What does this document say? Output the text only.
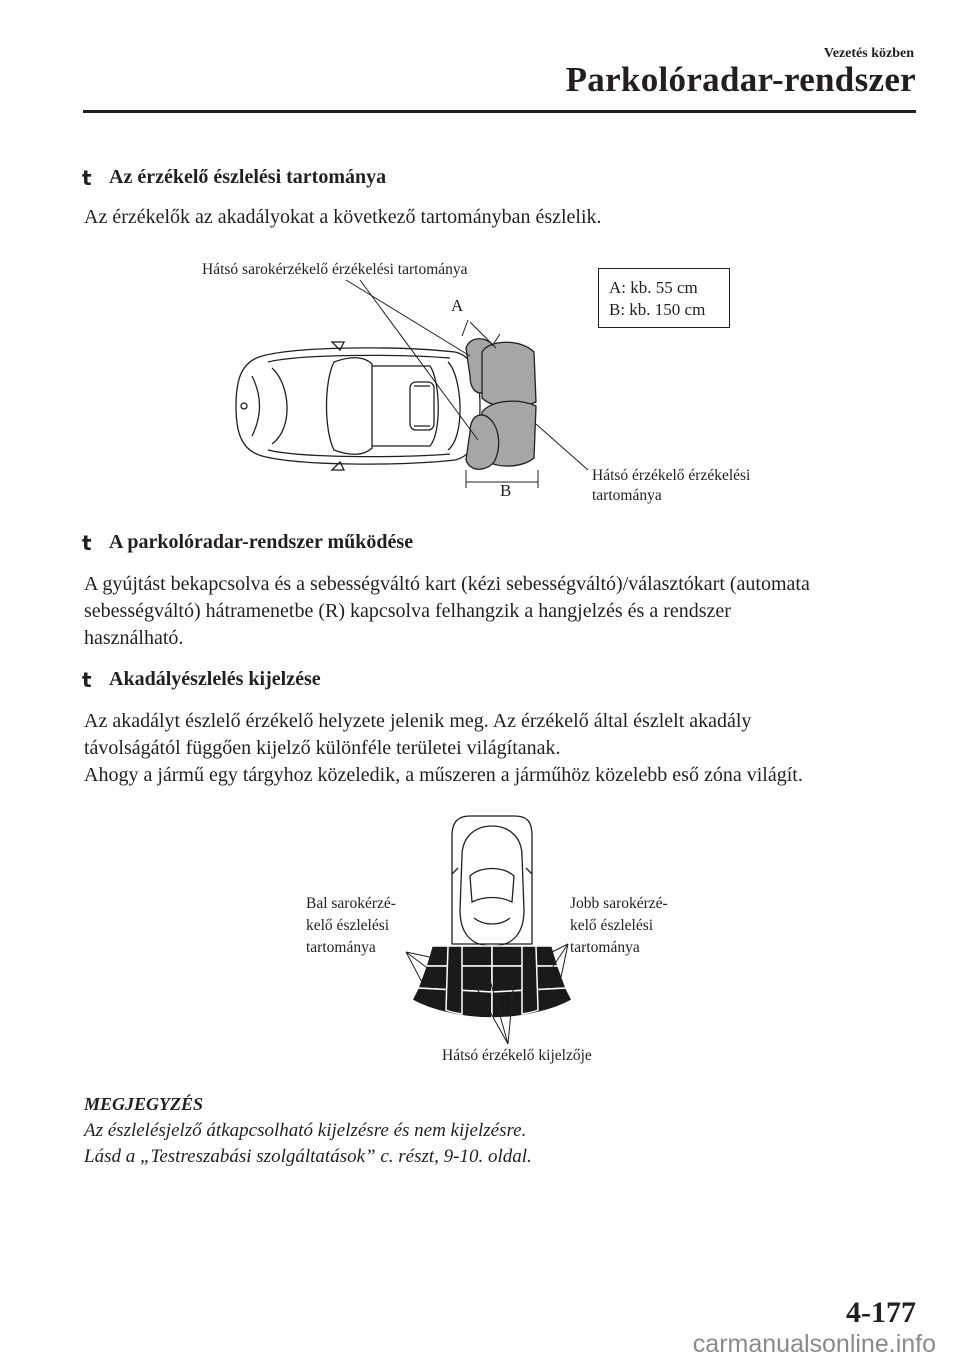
Vezetés közben
Parkolóradar-rendszer
t Az érzékelő észlelési tartománya
Az érzékelők az akadályokat a következő tartományban észlelik.
Hátsó sarokérzékelő érzékelési tartománya
A
B
Hátsó érzékelő érzékelési
tartománya
A: kb. 55 cm
B: kb. 150 cm
t A parkolóradar-rendszer működése
A gyújtást bekapcsolva és a sebességváltó kart (kézi sebességváltó)/választókart (automata
sebességváltó) hátramenetbe (R) kapcsolva felhangzik a hangjelzés és a rendszer
használható.
t Akadályészlelés kijelzése
Az akadályt észlelő érzékelő helyzete jelenik meg. Az érzékelő által észlelt akadály
távolságától függően kijelző különféle területei világítanak.
Ahogy a jármű egy tárgyhoz közeledik, a műszeren a járműhöz közelebb eső zóna világít.
Bal sarokérzé-
kelő észlelési
tartománya
Jobb sarokérzé-
kelő észlelési
tartománya
Hátsó érzékelő kijelzője
MEGJEGYZÉS
Az észlelésjelző átkapcsolható kijelzésre és nem kijelzésre.
Lásd a „Testreszabási szolgáltatások” c. részt, 9-10. oldal.
4-177
carmanualsonline.info
